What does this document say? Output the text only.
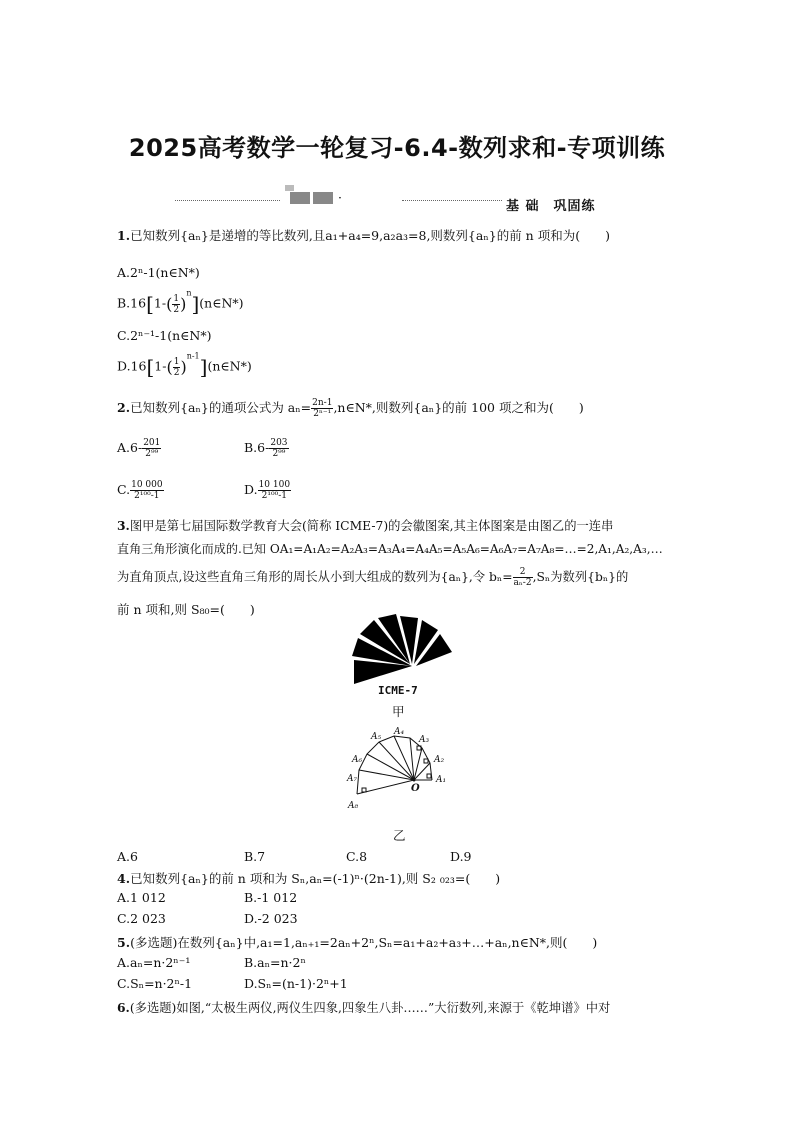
2025高考数学一轮复习-6.4-数列求和-专项训练
·
基 础　巩固练
1.已知数列{aₙ}是递增的等比数列,且a₁+a₄=9,a₂a₃=8,则数列{aₙ}的前 n 项和为(　　)
A.2ⁿ-1(n∈N*)
$B.16[1-( \frac{1}{2}$ )$^n](n\in N*)$
C.2ⁿ⁻¹-1(n∈N*)
$D.16[1-( \frac{1}{2}$ )$^{n-1}](n\in N*)$
2.已知数列{aₙ}的通项公式为 $a_n= \frac{2n-1}{\text{2ⁿ⁻¹}}$ ,n∈N*,则数列{aₙ}的前 100 项之和为(　　)
$A.6- \frac{201}{\text{2⁹⁹}}$	$B.6- \frac{203}{\text{2⁹⁹}}$
C. $\frac{10 000}{\text{2¹⁰⁰-1}}$	D. $\frac{10 100}{\text{2¹⁰⁰-1}}$
3.图甲是第七届国际数学教育大会(简称 ICME-7)的会徽图案,其主体图案是由图乙的一连串
直角三角形演化而成的.已知 OA₁=A₁A₂=A₂A₃=A₃A₄=A₄A₅=A₅A₆=A₆A₇=A₇A₈=…=2,A₁,A₂,A₃,…
为直角顶点,设这些直角三角形的周长从小到大组成的数列为{aₙ},令 $b_n= \frac{2}{\text{aₙ-2}} ,S_n$为数列{bₙ}的
前 n 项和,则 S₈₀=(　　)
ICME-7
甲
A₁
A₂
A₃
A₄
A₅
A₆
A₇
A₈
O
乙
A.6	B.7	C.8	D.9
4.已知数列{aₙ}的前 n 项和为 Sₙ,aₙ=(-1)ⁿ·(2n-1),则 S₂ ₀₂₃=(　　)
A.1 012	B.-1 012
C.2 023	D.-2 023
5.(多选题)在数列{aₙ}中,a₁=1,aₙ₊₁=2aₙ+2ⁿ,Sₙ=a₁+a₂+a₃+…+aₙ,n∈N*,则(　　)
A.aₙ=n·2ⁿ⁻¹	B.aₙ=n·2ⁿ
C.Sₙ=n·2ⁿ-1	D.Sₙ=(n-1)·2ⁿ+1
6.(多选题)如图,“太极生两仪,两仪生四象,四象生八卦……”大衍数列,来源于《乾坤谱》中对
